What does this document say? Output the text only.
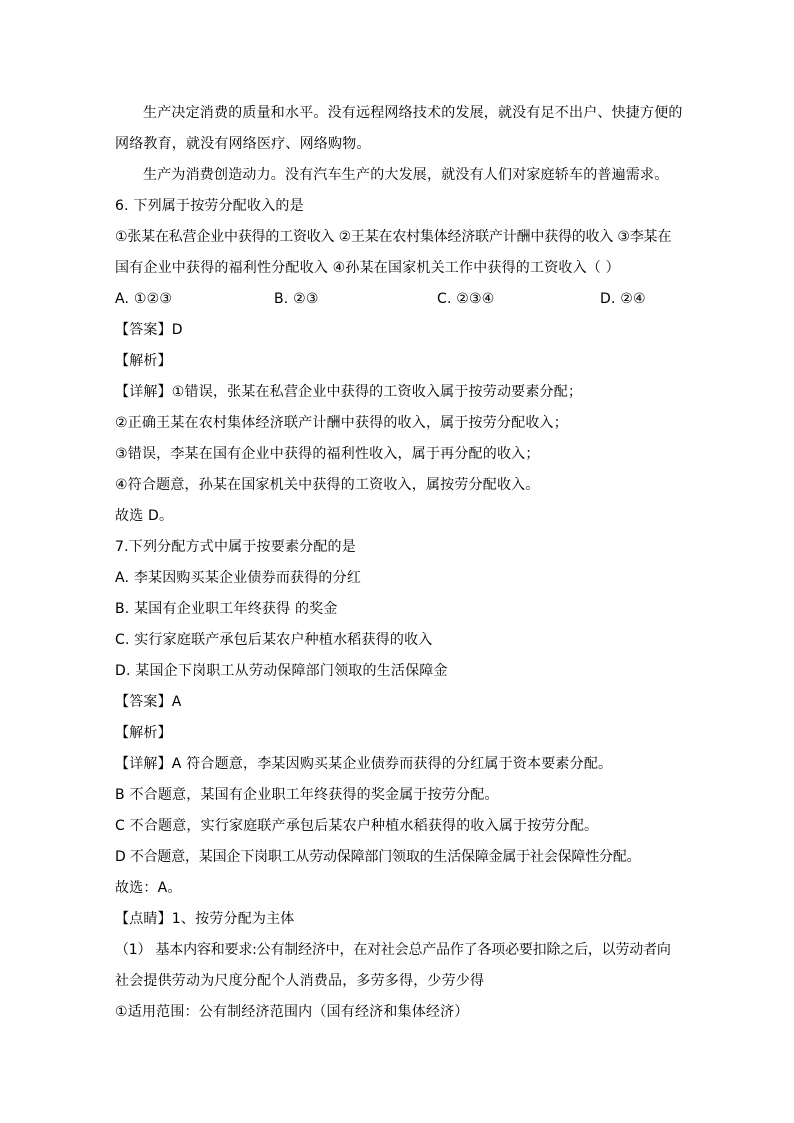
生产决定消费的质量和水平。没有远程网络技术的发展，就没有足不出户、快捷方便的
网络教育，就没有网络医疗、网络购物。
生产为消费创造动力。没有汽车生产的大发展，就没有人们对家庭轿车的普遍需求。
6. 下列属于按劳分配收入的是
①张某在私营企业中获得的工资收入 ②王某在农村集体经济联产计酬中获得的收入 ③李某在
国有企业中获得的福利性分配收入 ④孙某在国家机关工作中获得的工资收入（ ）
A. ①②③	B. ②③	C. ②③④	D. ②④
【答案】D
【解析】
【详解】①错误，张某在私营企业中获得的工资收入属于按劳动要素分配；
②正确王某在农村集体经济联产计酬中获得的收入，属于按劳分配收入；
③错误，李某在国有企业中获得的福利性收入，属于再分配的收入；
④符合题意，孙某在国家机关中获得的工资收入，属按劳分配收入。
故选 D。
7.下列分配方式中属于按要素分配的是
A. 李某因购买某企业债券而获得的分红
B. 某国有企业职工年终获得 的奖金
C. 实行家庭联产承包后某农户种植水稻获得的收入
D. 某国企下岗职工从劳动保障部门领取的生活保障金
【答案】A
【解析】
【详解】A 符合题意，李某因购买某企业债券而获得的分红属于资本要素分配。
B 不合题意，某国有企业职工年终获得的奖金属于按劳分配。
C 不合题意，实行家庭联产承包后某农户种植水稻获得的收入属于按劳分配。
D 不合题意，某国企下岗职工从劳动保障部门领取的生活保障金属于社会保障性分配。
故选：A。
【点睛】1、按劳分配为主体
（1） 基本内容和要求:公有制经济中，在对社会总产品作了各项必要扣除之后，以劳动者向
社会提供劳动为尺度分配个人消费品，多劳多得，少劳少得
①适用范围：公有制经济范围内（国有经济和集体经济）
